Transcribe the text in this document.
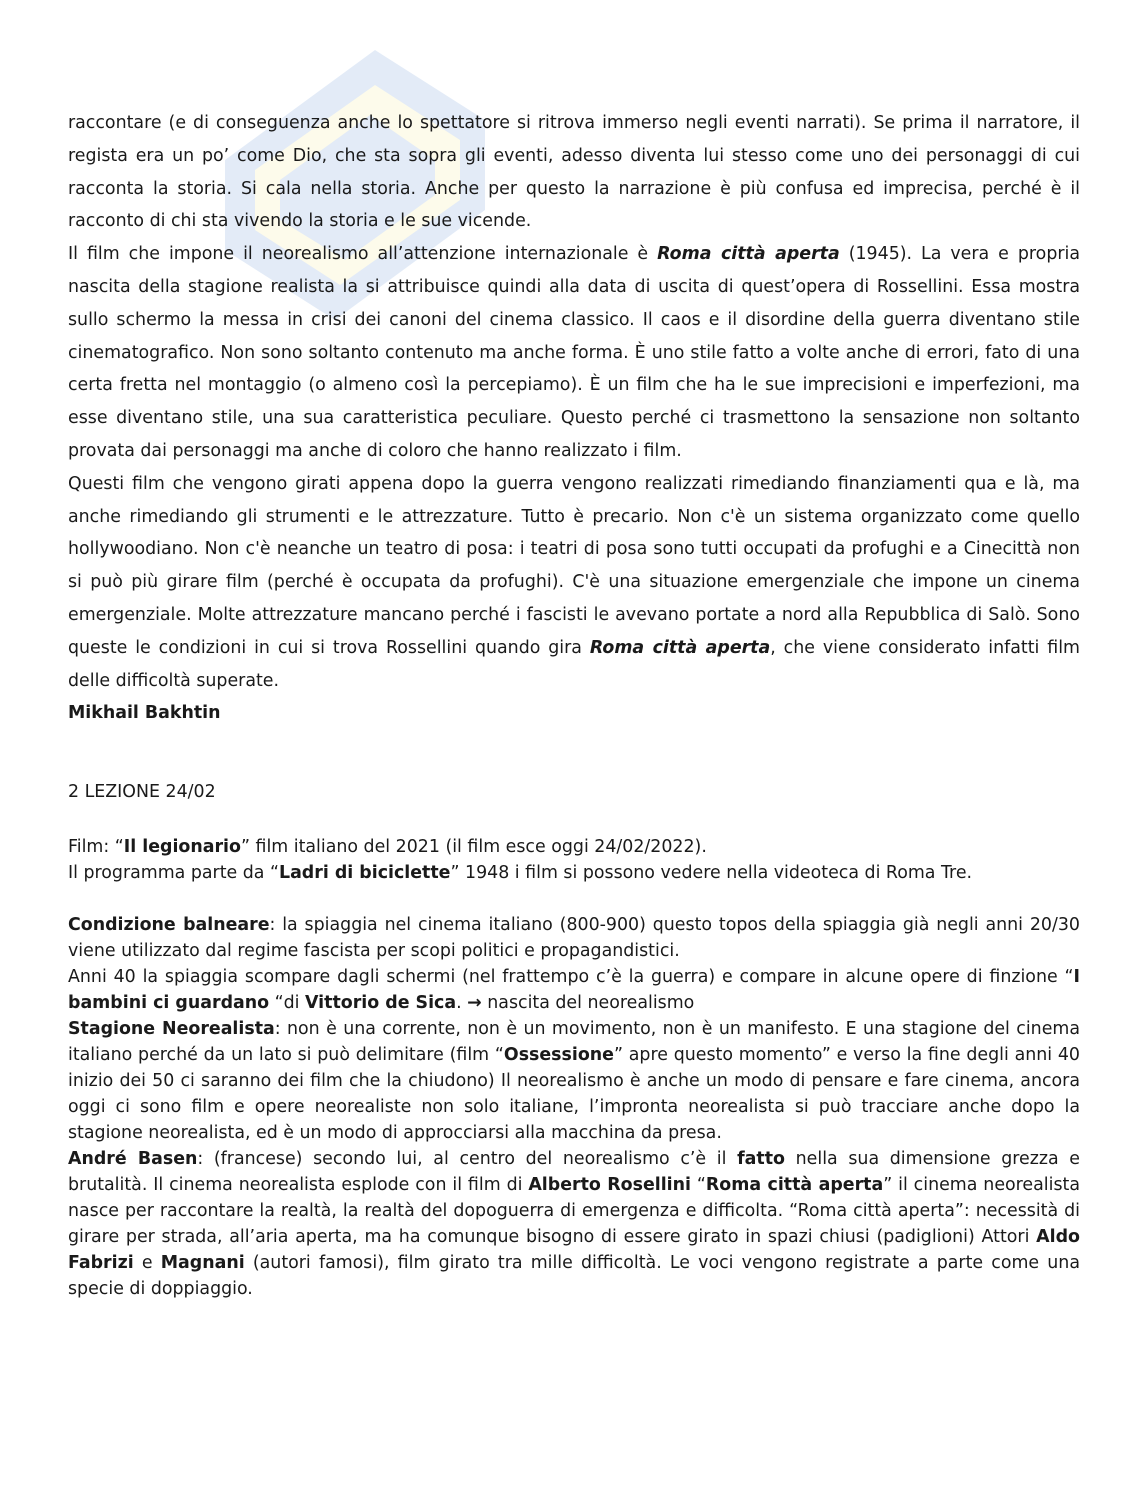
raccontare (e di conseguenza anche lo spettatore si ritrova immerso negli eventi narrati). Se prima il narratore, il regista era un po’ come Dio, che sta sopra gli eventi, adesso diventa lui stesso come uno dei personaggi di cui racconta la storia. Si cala nella storia. Anche per questo la narrazione è più confusa ed imprecisa, perché è il racconto di chi sta vivendo la storia e le sue vicende.

Il film che impone il neorealismo all’attenzione internazionale è Roma città aperta (1945). La vera e propria nascita della stagione realista la si attribuisce quindi alla data di uscita di quest’opera di Rossellini. Essa mostra sullo schermo la messa in crisi dei canoni del cinema classico. Il caos e il disordine della guerra diventano stile cinematografico. Non sono soltanto contenuto ma anche forma. È uno stile fatto a volte anche di errori, fato di una certa fretta nel montaggio (o almeno così la percepiamo). È un film che ha le sue imprecisioni e imperfezioni, ma esse diventano stile, una sua caratteristica peculiare. Questo perché ci trasmettono la sensazione non soltanto provata dai personaggi ma anche di coloro che hanno realizzato i film.

Questi film che vengono girati appena dopo la guerra vengono realizzati rimediando finanziamenti qua e là, ma anche rimediando gli strumenti e le attrezzature. Tutto è precario. Non c'è un sistema organizzato come quello hollywoodiano. Non c'è neanche un teatro di posa: i teatri di posa sono tutti occupati da profughi e a Cinecittà non si può più girare film (perché è occupata da profughi). C'è una situazione emergenziale che impone un cinema emergenziale. Molte attrezzature mancano perché i fascisti le avevano portate a nord alla Repubblica di Salò. Sono queste le condizioni in cui si trova Rossellini quando gira Roma città aperta, che viene considerato infatti film delle difficoltà superate.

Mikhail Bakhtin

2 LEZIONE 24/02

Film: “Il legionario” film italiano del 2021 (il film esce oggi 24/02/2022).

Il programma parte da “Ladri di biciclette” 1948 i film si possono vedere nella videoteca di Roma Tre.

Condizione balneare: la spiaggia nel cinema italiano (800-900) questo topos della spiaggia già negli anni 20/30 viene utilizzato dal regime fascista per scopi politici e propagandistici.

Anni 40 la spiaggia scompare dagli schermi (nel frattempo c’è la guerra) e compare in alcune opere di finzione “I bambini ci guardano “di Vittorio de Sica. → nascita del neorealismo

Stagione Neorealista: non è una corrente, non è un movimento, non è un manifesto. E una stagione del cinema italiano perché da un lato si può delimitare (film “Ossessione” apre questo momento” e verso la fine degli anni 40 inizio dei 50 ci saranno dei film che la chiudono) Il neorealismo è anche un modo di pensare e fare cinema, ancora oggi ci sono film e opere neorealiste non solo italiane, l’impronta neorealista si può tracciare anche dopo la stagione neorealista, ed è un modo di approcciarsi alla macchina da presa.

André Basen: (francese) secondo lui, al centro del neorealismo c’è il fatto nella sua dimensione grezza e brutalità. Il cinema neorealista esplode con il film di Alberto Rosellini “Roma città aperta” il cinema neorealista nasce per raccontare la realtà, la realtà del dopoguerra di emergenza e difficolta. “Roma città aperta”: necessità di girare per strada, all’aria aperta, ma ha comunque bisogno di essere girato in spazi chiusi (padiglioni) Attori Aldo Fabrizi e Magnani (autori famosi), film girato tra mille difficoltà. Le voci vengono registrate a parte come una specie di doppiaggio.
